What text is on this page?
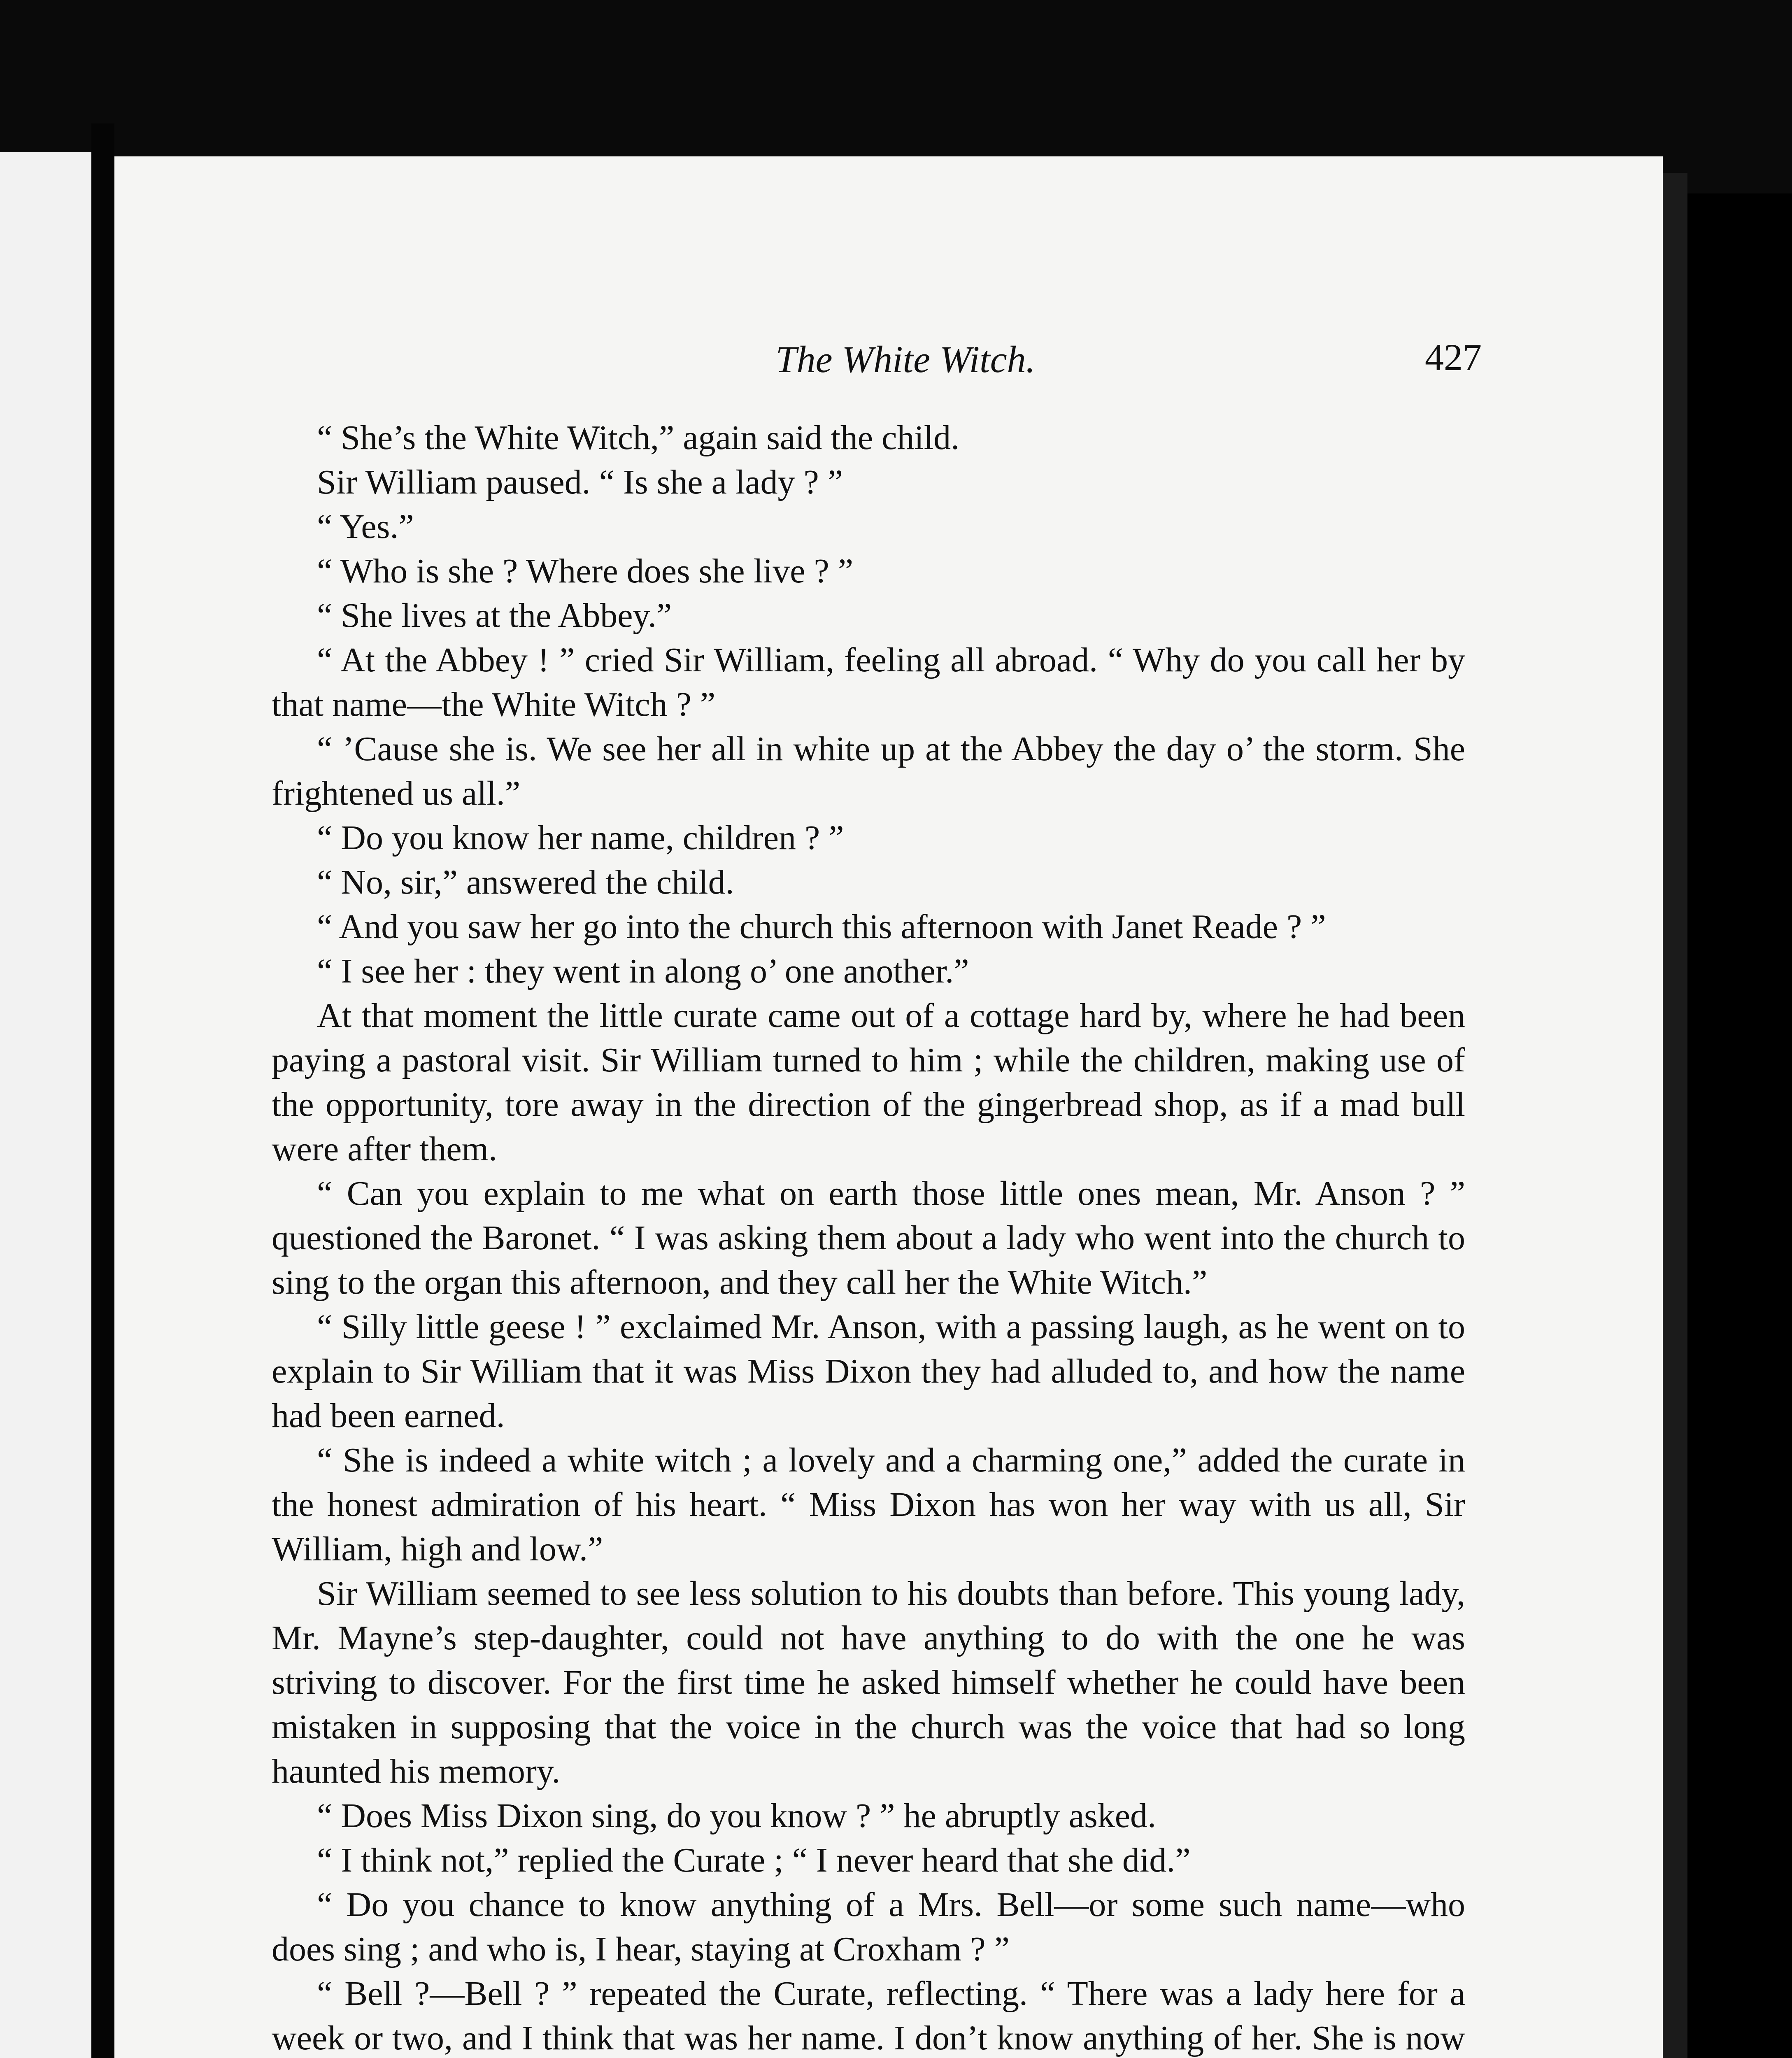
The White Witch.	427

“ She’s the White Witch,” again said the child.

Sir William paused. “ Is she a lady ? ”

“ Yes.”

“ Who is she ? Where does she live ? ”

“ She lives at the Abbey.”

“ At the Abbey ! ” cried Sir William, feeling all abroad. “ Why do you call her by that name—the White Witch ? ”

“ ’Cause she is. We see her all in white up at the Abbey the day o’ the storm. She frightened us all.”

“ Do you know her name, children ? ”

“ No, sir,” answered the child.

“ And you saw her go into the church this afternoon with Janet Reade ? ”

“ I see her : they went in along o’ one another.”

At that moment the little curate came out of a cottage hard by, where he had been paying a pastoral visit. Sir William turned to him ; while the children, making use of the opportunity, tore away in the direction of the gingerbread shop, as if a mad bull were after them.

“ Can you explain to me what on earth those little ones mean, Mr. Anson ? ” questioned the Baronet. “ I was asking them about a lady who went into the church to sing to the organ this afternoon, and they call her the White Witch.”

“ Silly little geese ! ” exclaimed Mr. Anson, with a passing laugh, as he went on to explain to Sir William that it was Miss Dixon they had alluded to, and how the name had been earned.

“ She is indeed a white witch ; a lovely and a charming one,” added the curate in the honest admiration of his heart. “ Miss Dixon has won her way with us all, Sir William, high and low.”

Sir William seemed to see less solution to his doubts than before. This young lady, Mr. Mayne’s step-daughter, could not have anything to do with the one he was striving to discover. For the first time he asked himself whether he could have been mistaken in supposing that the voice in the church was the voice that had so long haunted his memory.

“ Does Miss Dixon sing, do you know ? ” he abruptly asked.

“ I think not,” replied the Curate ; “ I never heard that she did.”

“ Do you chance to know anything of a Mrs. Bell—or some such name—who does sing ; and who is, I hear, staying at Croxham ? ”

“ Bell ?—Bell ? ” repeated the Curate, reflecting. “ There was a lady here for a week or two, and I think that was her name. I don’t know anything of her. She is now
